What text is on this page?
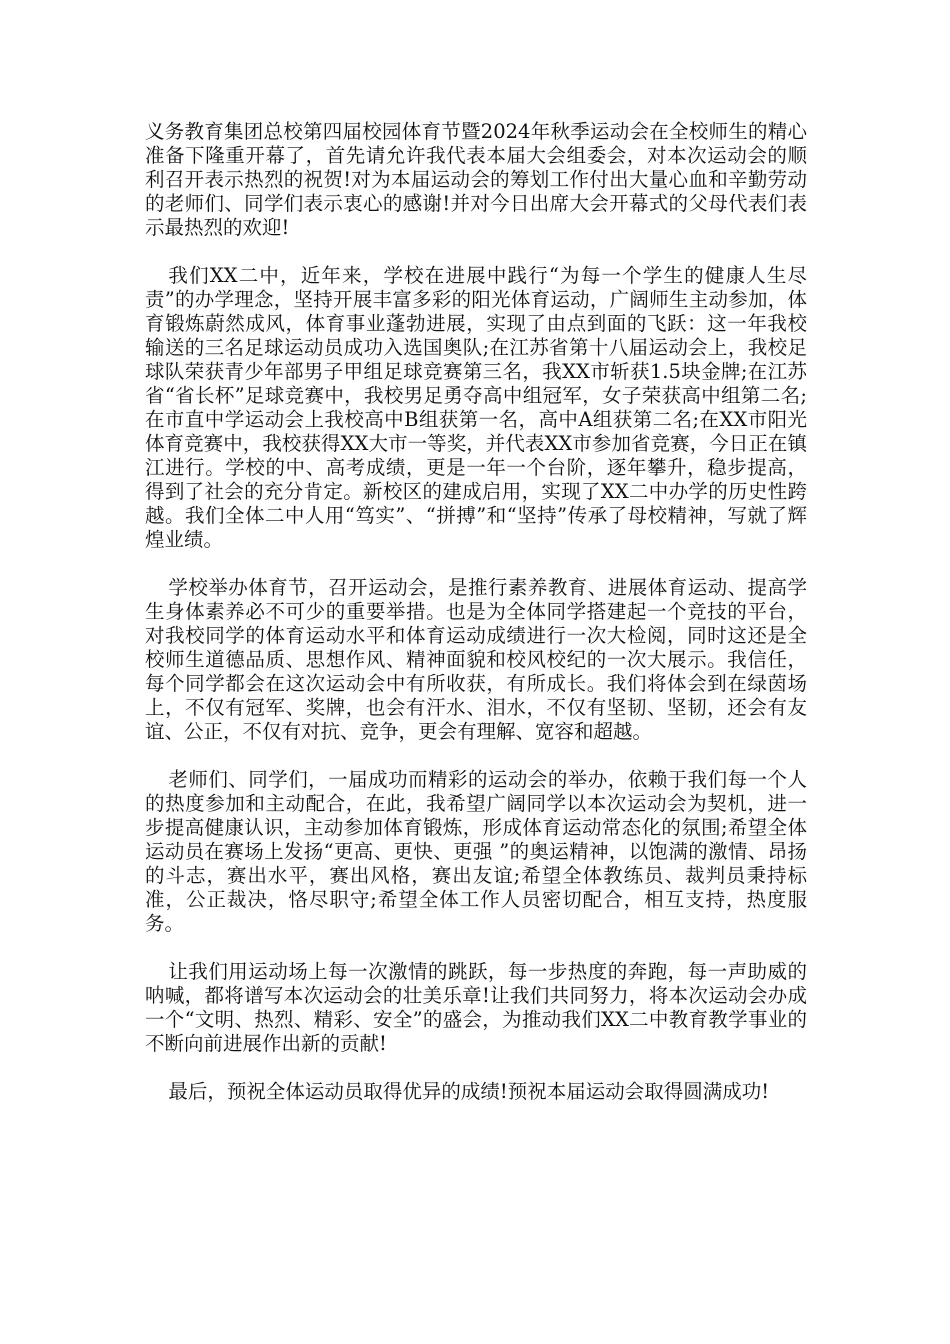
义务教育集团总校第四届校园体育节暨2024年秋季运动会在全校师生的精心准备下隆重开幕了，首先请允许我代表本届大会组委会，对本次运动会的顺利召开表示热烈的祝贺!对为本届运动会的筹划工作付出大量心血和辛勤劳动的老师们、同学们表示衷心的感谢!并对今日出席大会开幕式的父母代表们表示最热烈的欢迎!

我们XX二中，近年来，学校在进展中践行“为每一个学生的健康人生尽责”的办学理念，坚持开展丰富多彩的阳光体育运动，广阔师生主动参加，体育锻炼蔚然成风，体育事业蓬勃进展，实现了由点到面的飞跃：这一年我校输送的三名足球运动员成功入选国奥队;在江苏省第十八届运动会上，我校足球队荣获青少年部男子甲组足球竞赛第三名，我XX市斩获1.5块金牌;在江苏省“省长杯”足球竞赛中，我校男足勇夺高中组冠军，女子荣获高中组第二名;在市直中学运动会上我校高中B组获第一名，高中A组获第二名;在XX市阳光体育竞赛中，我校获得XX大市一等奖，并代表XX市参加省竞赛，今日正在镇江进行。学校的中、高考成绩，更是一年一个台阶，逐年攀升，稳步提高，得到了社会的充分肯定。新校区的建成启用，实现了XX二中办学的历史性跨越。我们全体二中人用“笃实”、“拼搏”和“坚持”传承了母校精神，写就了辉煌业绩。

学校举办体育节，召开运动会，是推行素养教育、进展体育运动、提高学生身体素养必不可少的重要举措。也是为全体同学搭建起一个竞技的平台，对我校同学的体育运动水平和体育运动成绩进行一次大检阅，同时这还是全校师生道德品质、思想作风、精神面貌和校风校纪的一次大展示。我信任，每个同学都会在这次运动会中有所收获，有所成长。我们将体会到在绿茵场上，不仅有冠军、奖牌，也会有汗水、泪水，不仅有坚韧、坚韧，还会有友谊、公正，不仅有对抗、竞争，更会有理解、宽容和超越。

老师们、同学们，一届成功而精彩的运动会的举办，依赖于我们每一个人的热度参加和主动配合，在此，我希望广阔同学以本次运动会为契机，进一步提高健康认识，主动参加体育锻炼，形成体育运动常态化的氛围;希望全体运动员在赛场上发扬“更高、更快、更强 ”的奥运精神，以饱满的激情、昂扬的斗志，赛出水平，赛出风格，赛出友谊;希望全体教练员、裁判员秉持标准，公正裁决，恪尽职守;希望全体工作人员密切配合，相互支持，热度服务。

让我们用运动场上每一次激情的跳跃，每一步热度的奔跑，每一声助威的呐喊，都将谱写本次运动会的壮美乐章!让我们共同努力，将本次运动会办成一个“文明、热烈、精彩、安全”的盛会，为推动我们XX二中教育教学事业的不断向前进展作出新的贡献!

最后，预祝全体运动员取得优异的成绩!预祝本届运动会取得圆满成功!
